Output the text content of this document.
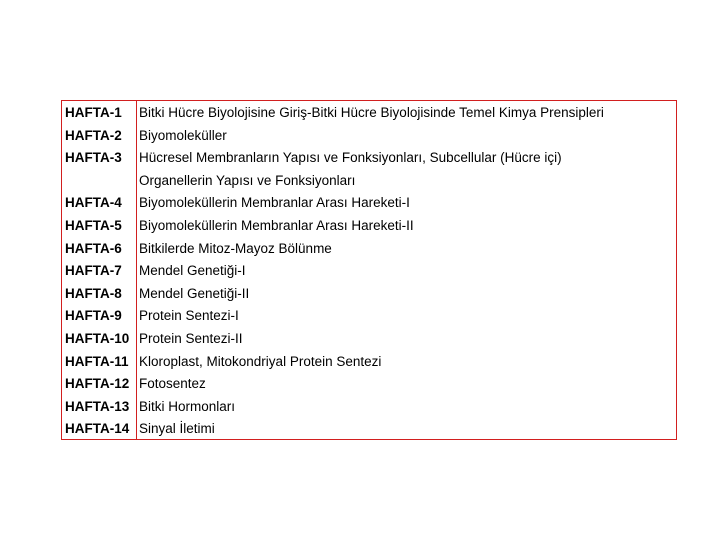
HAFTA-1	Bitki Hücre Biyolojisine Giriş-Bitki Hücre Biyolojisinde Temel Kimya Prensipleri
HAFTA-2	Biyomoleküller
HAFTA-3	Hücresel Membranların Yapısı ve Fonksiyonları, Subcellular (Hücre içi)
Organellerin Yapısı ve Fonksiyonları
HAFTA-4	Biyomoleküllerin Membranlar Arası Hareketi-I
HAFTA-5	Biyomoleküllerin Membranlar Arası Hareketi-II
HAFTA-6	Bitkilerde Mitoz-Mayoz Bölünme
HAFTA-7	Mendel Genetiği-I
HAFTA-8	Mendel Genetiği-II
HAFTA-9	Protein Sentezi-I
HAFTA-10 Protein Sentezi-II
HAFTA-11 Kloroplast, Mitokondriyal Protein Sentezi
HAFTA-12 Fotosentez
HAFTA-13 Bitki Hormonları
HAFTA-14 Sinyal İletimi
